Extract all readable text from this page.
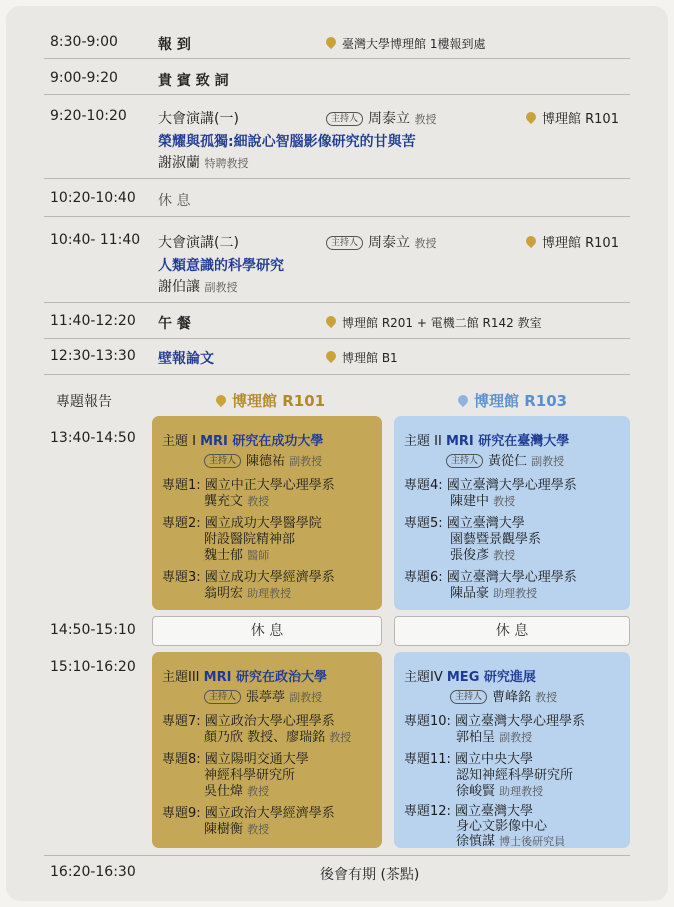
8:30-9:00	報 到	臺灣大學博理館 1樓報到處
9:00-9:20	貴 賓 致 詞
9:20-10:20 大會演講(一)	主持人 周泰立 教授	博理館 R101
榮耀與孤獨:細說心智腦影像研究的甘與苦
謝淑蘭 特聘教授
10:20-10:40 休 息
10:40- 11:40 大會演講(二)	主持人 周泰立 教授	博理館 R101
人類意識的科學研究
謝伯讓 副教授
11:40-12:20 午 餐	博理館 R201 + 電機二館 R142 教室
12:30-13:30 壁報論文	博理館 B1
專題報告	博理館 R101	博理館 R103
13:40-14:50 主題 I MRI 研究在成功大學
主持人 陳德祐 副教授
專題1: 國立中正大學心理學系
龔充文 教授
專題2: 國立成功大學醫學院
附設醫院精神部
魏士郁 醫師
專題3: 國立成功大學經濟學系
翁明宏 助理教授
主題 II MRI 研究在臺灣大學
主持人 黃從仁 副教授
專題4: 國立臺灣大學心理學系
陳建中 教授
專題5: 國立臺灣大學
園藝暨景觀學系
張俊彥 教授
專題6: 國立臺灣大學心理學系
陳品豪 助理教授
14:50-15:10	休 息	休 息
15:10-16:20
主題III MRI 研究在政治大學
主持人 張葶葶 副教授
專題7: 國立政治大學心理學系
顏乃欣 教授、廖瑞銘 教授
專題8: 國立陽明交通大學
神經科學研究所
吳仕煒 教授
專題9: 國立政治大學經濟學系
陳樹衡 教授
主題IV MEG 研究進展
主持人 曹峰銘 教授
專題10: 國立臺灣大學心理學系
郭柏呈 副教授
專題11: 國立中央大學
認知神經科學研究所
徐峻賢 助理教授
專題12: 國立臺灣大學
身心文影像中心
徐慎謀 博士後研究員
16:20-16:30	後會有期 (茶點)
